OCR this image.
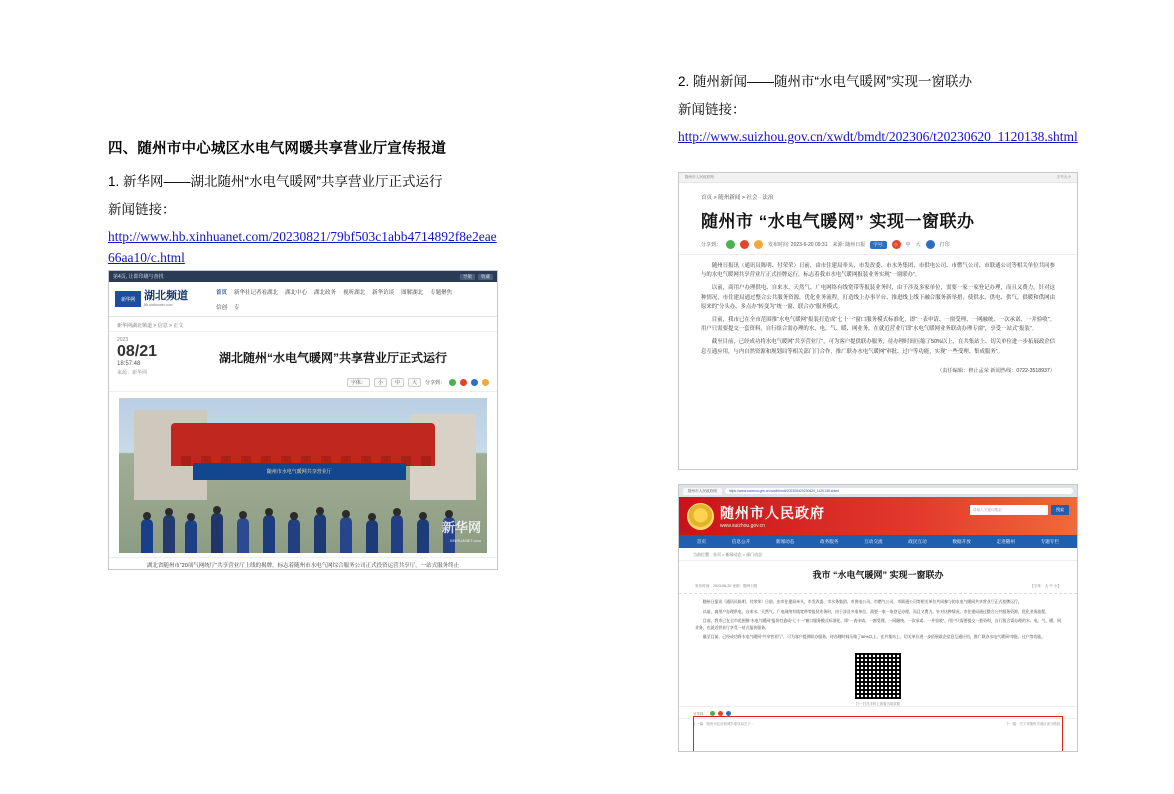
四、随州市中心城区水电气网暖共享营业厅宣传报道

1. 新华网——湖北随州“水电气暖网”共享营业厅正式运行

新闻链接：

http://www.hb.xinhuanet.com/20230821/79bf503c1abb4714892f8e2eae66aa10/c.html

2. 随州新闻——随州市“水电气暖网”实现一窗联办

新闻链接：

http://www.suizhou.gov.cn/xwdt/bmdt/202306/t20230620_1120138.shtml
第4页, 让即印刷与查找	导航	收藏
新华网 湖北频道
hb.xinhuanet.com
首页 新华社记者看湖北 湖北中心 湖北政务 视听湖北 新华访谈 图解湖北 专题聚焦
信创 专
新华网湖北频道 > 信息 > 正文
2023
08/21
18:57:48
来源：新华网
湖北随州“水电气暖网”共享营业厅正式运行
字体：	小	中	大	分享到：
随州市水电气暖网共享营业厅
新华网
XINHUANET.com
湖北省随州市“20项气网统厅”共享营业厅上线的揭牌，标志着随州市水电气网综合服务公司正式投资运营共享厅，一站式服务终止
随州市人民政府网	字号大小
首页 > 随州新闻 > 社会 · 法治
随州市 “水电气暖网” 实现一窗联办
分享到：	发布时间: 2023-6-20 09:31 来源: 随州日报	字号:	小	中 大	打印

随州日报讯（通讯员陈明、付荣荣）日前，由市住建局牵头，市发改委、市水务集团、市供电公司、市燃气公司、市联通公司等相关单位共同参与的水电气暖网共享营业厅正式挂牌运行，标志着我市水电气暖网报装业务实现“一窗联办”。

以前，商用户办理供电、自来水、天然气、广电网络有线宽带等报装业务时，由于涉及多家单位，需要一家一家登记办理，而且又费力。针对这种情况，市住建局通过整合公共服务资源，优化业务流程，打造线上办事平台、推进线上线下融合服务新举措，使供水、供电、供气、供暖和供网由原来的“分头办、多点办”转变为“统一窗、联合办”服务模式。

目前，我市已在全市范围推“水电气暖网”报装打造成“七十一”窗口服务模式标准化，即“一表申请、一窗受理、一网融统、一次承诺、一并验收”。用户只需要提交一套资料，自行组合需办理的水、电、气、暖、网业务，在就近营业厅即“水电气暖网业务联动办理专窗”，享受一站式“报装”。

截至目前，已经成功将水电气暖网“共享营业厅”，可为客户提供联办服务，待办理时间压缩了50%以上，在共集站上、切关单位进一步拓展政企信息互通应用，与内自然资源和规划局等相关部门门合作，推广联办水电气暖网“审批、过户等功能，实现“一些受理、集成服务”。

（责任编辑：修止孟荣 新闻热线：0722-3518937）
随州市人民政府网	https://www.suizhou.gov.cn/xwdt/bmdt/202306/t20230620_1120138.shtml
随州市人民政府
www.suizhou.gov.cn
请输入关键词搜索	搜索
首页	信息公开	新闻动态	政务服务	互动交流	政民互动	数据开放	走进随州	专题专栏
当前位置：首页 > 新闻动态 > 部门动态
我市 “水电气暖网” 实现一窗联办
发布时间：2023-06-20 来源：随州日报	【字体：大 中 小】

随州日报讯（通讯员陈明、付荣荣）日前，由市住建局牵头，市发改委、市水务集团、市供电公司、市燃气公司、市联通公司等相关单位共同参与的水电气暖网共享营业厅正式挂牌运行。

以前，商用户办理供电、自来水、天然气、广电网络有线宽带等报装业务时，由于涉及多家单位，需要一家一家登记办理，而且又费力。针对这种情况，市住建局通过整合公共服务资源，优化业务流程。

目前，我市已在全市范围推“水电气暖网”报装打造成“七十一”窗口服务模式标准化，即“一表申请、一窗受理、一网融统、一次承诺、一并验收”。用户只需要提交一套资料，自行组合需办理的水、电、气、暖、网业务，在就近营业厅享受一站式报装服务。

截至目前，已经成功将水电气暖网“共享营业厅”，可为客户提供联办服务，待办理时间压缩了50%以上，在共集站上、切关单位进一步拓展政企信息互通应用，推广联办水电气暖网“审批、过户等功能。

扫一扫在手机上查看当前页面
分享到：
上一篇：随州市住房和城乡建设局关于...	下一篇：关于对随州市城区部分路段...
